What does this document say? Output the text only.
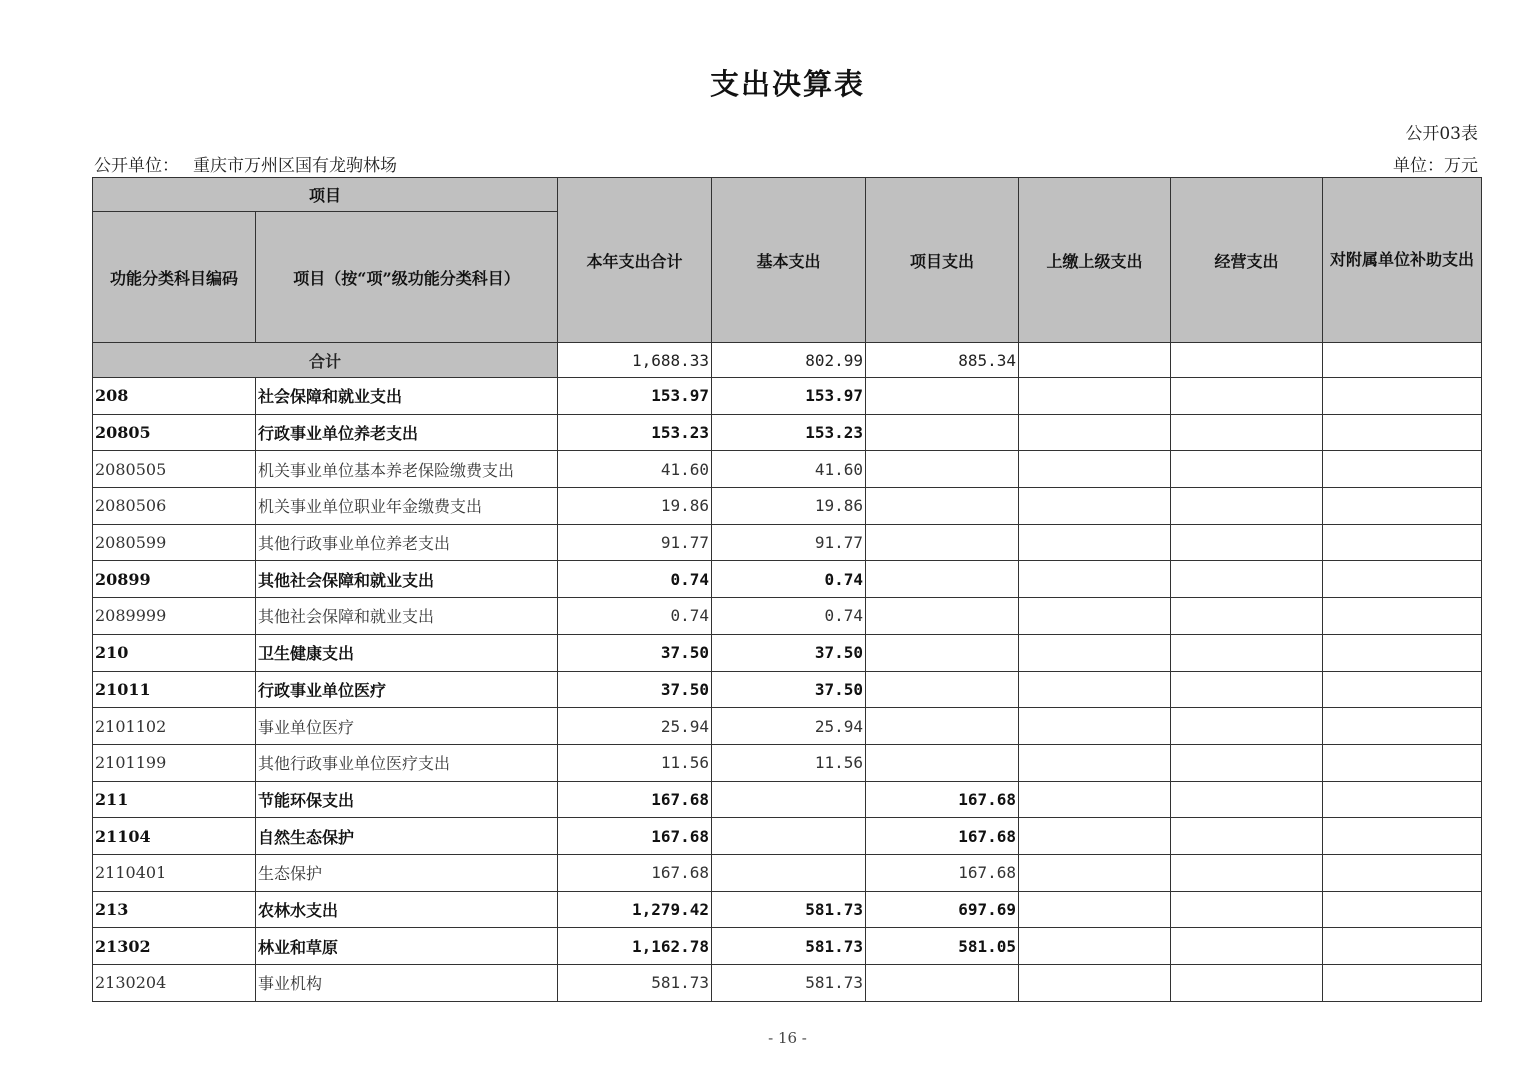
支出决算表
公开03表
公开单位： 重庆市万州区国有龙驹林场	单位：万元
项目		本年支出合计	基本支出	项目支出	上缴上级支出	经营支出	对附属单位补助支出
功能分类科目编码	项目（按“项”级功能分类科目）						
合计		1,688.33	802.99	885.34			
208	社会保障和就业支出	153.97	153.97				
20805	行政事业单位养老支出	153.23	153.23				
2080505	机关事业单位基本养老保险缴费支出	41.60	41.60				
2080506	机关事业单位职业年金缴费支出	19.86	19.86				
2080599	其他行政事业单位养老支出	91.77	91.77				
20899	其他社会保障和就业支出	0.74	0.74				
2089999	其他社会保障和就业支出	0.74	0.74				
210	卫生健康支出	37.50	37.50				
21011	行政事业单位医疗	37.50	37.50				
2101102	事业单位医疗	25.94	25.94				
2101199	其他行政事业单位医疗支出	11.56	11.56				
211	节能环保支出	167.68		167.68			
21104	自然生态保护	167.68		167.68			
2110401	生态保护	167.68		167.68			
213	农林水支出	1,279.42	581.73	697.69			
21302	林业和草原	1,162.78	581.73	581.05			
2130204	事业机构	581.73	581.73				
- 16 -
